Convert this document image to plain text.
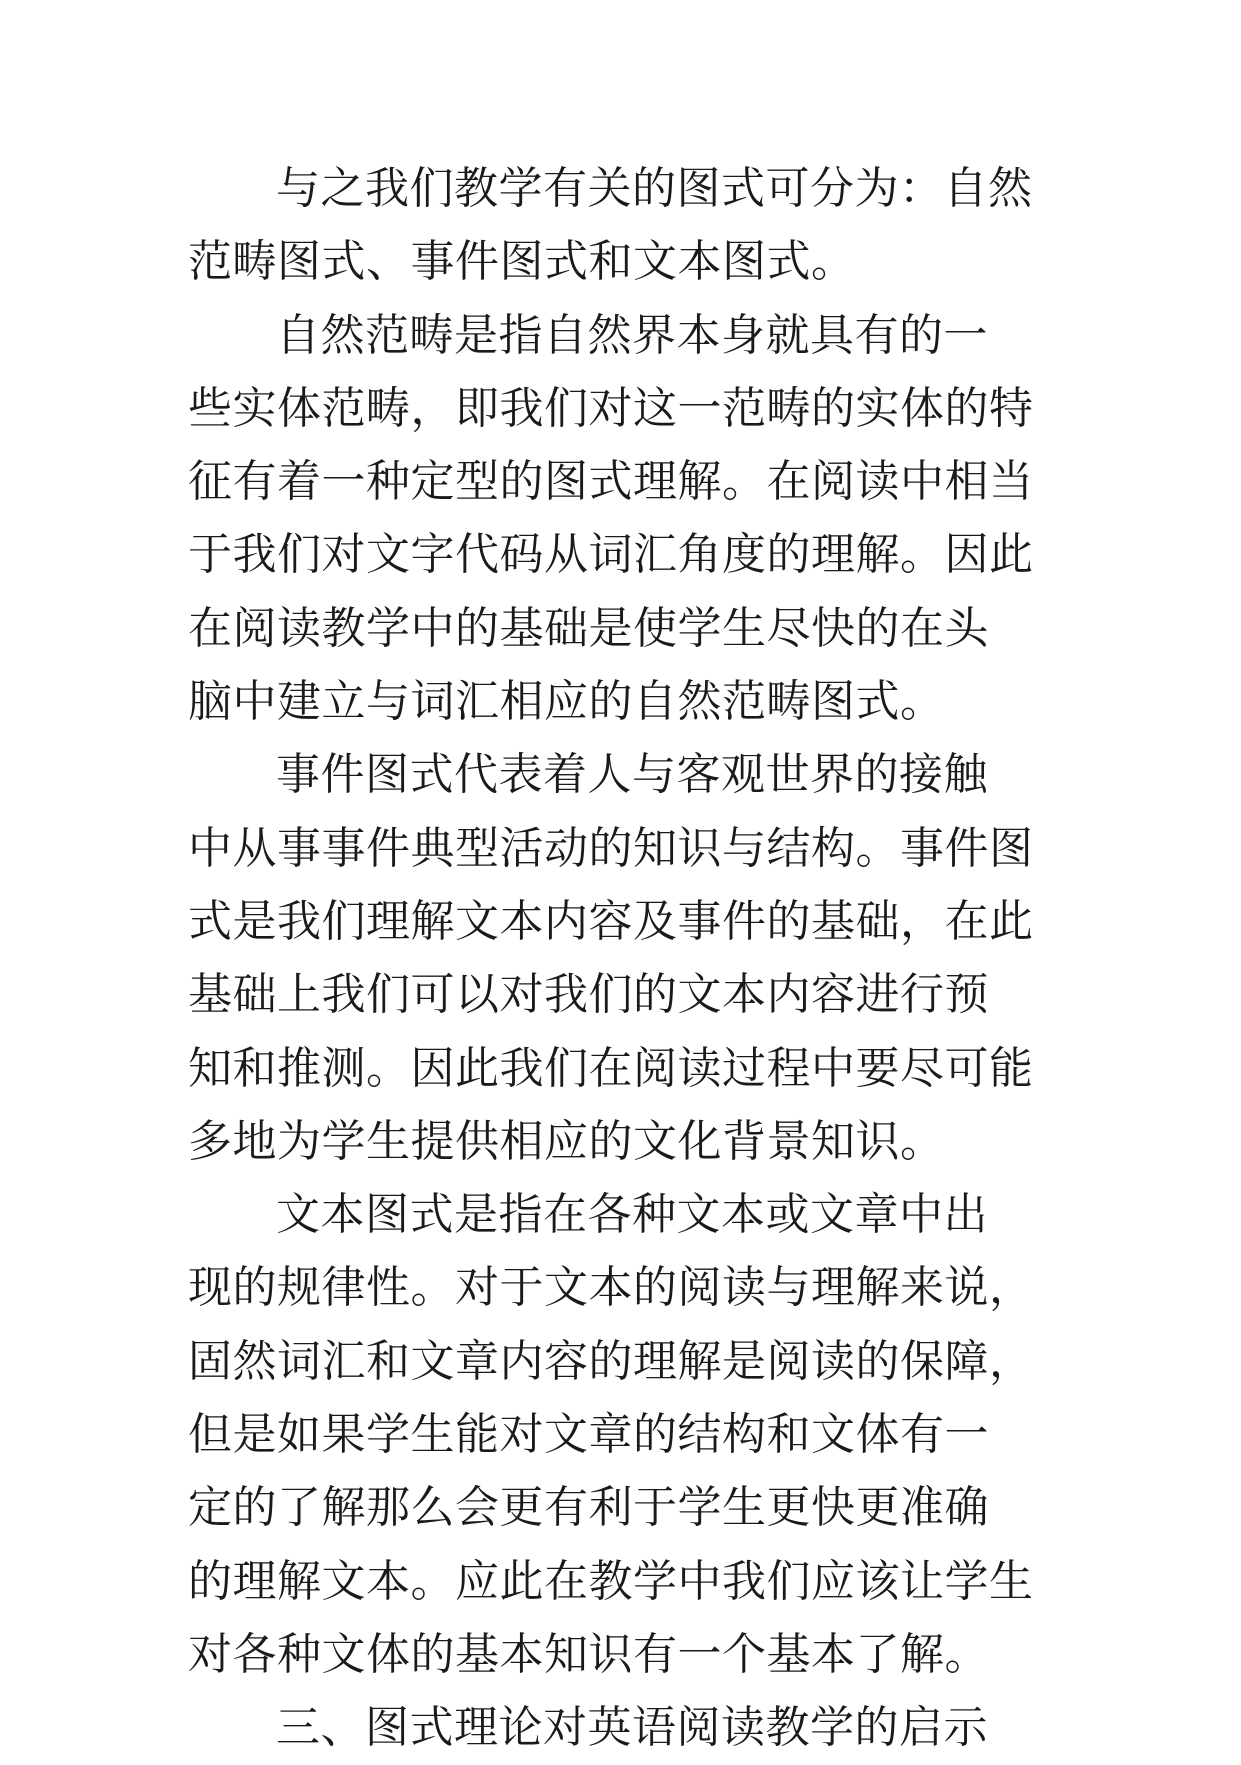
与之我们教学有关的图式可分为：自然
范畴图式、事件图式和文本图式。
自然范畴是指自然界本身就具有的一
些实体范畴，即我们对这一范畴的实体的特
征有着一种定型的图式理解。在阅读中相当
于我们对文字代码从词汇角度的理解。因此
在阅读教学中的基础是使学生尽快的在头
脑中建立与词汇相应的自然范畴图式。
事件图式代表着人与客观世界的接触
中从事事件典型活动的知识与结构。事件图
式是我们理解文本内容及事件的基础，在此
基础上我们可以对我们的文本内容进行预
知和推测。因此我们在阅读过程中要尽可能
多地为学生提供相应的文化背景知识。
文本图式是指在各种文本或文章中出
现的规律性。对于文本的阅读与理解来说，
固然词汇和文章内容的理解是阅读的保障，
但是如果学生能对文章的结构和文体有一
定的了解那么会更有利于学生更快更准确
的理解文本。应此在教学中我们应该让学生
对各种文体的基本知识有一个基本了解。
三、图式理论对英语阅读教学的启示
